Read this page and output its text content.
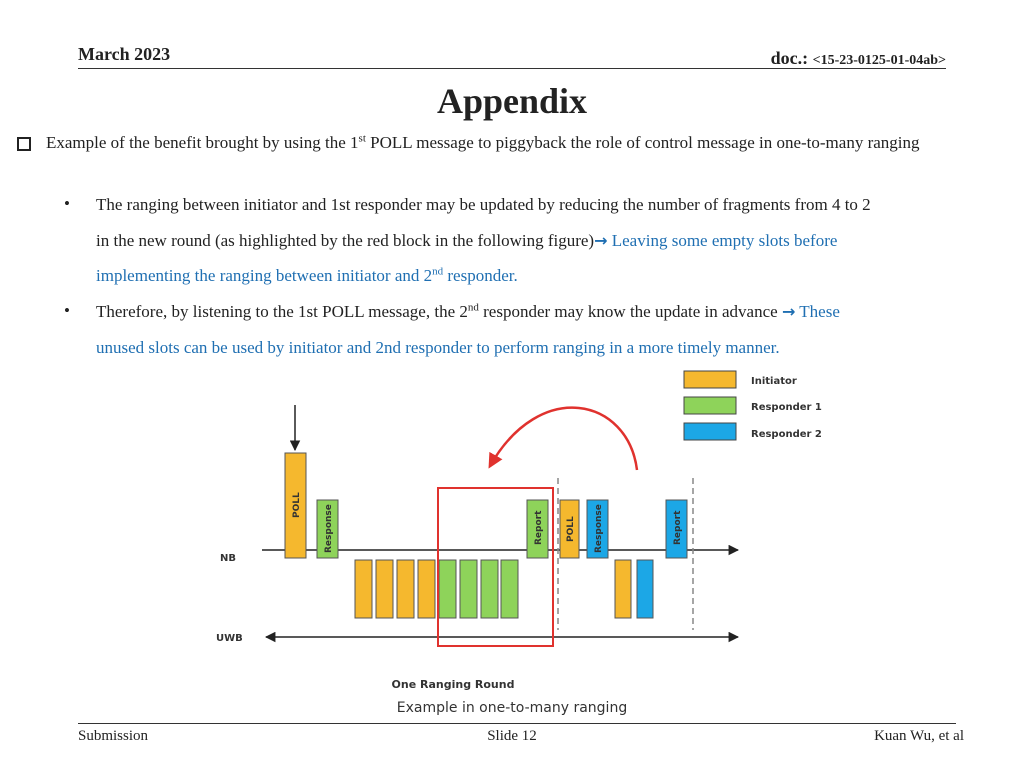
March 2023	doc.: <15-23-0125-01-04ab>
Appendix
Example of the benefit brought by using the 1st POLL message to piggyback the role of control message in one-to-many ranging
• The ranging between initiator and 1st responder may be updated by reducing the number of fragments from 4 to 2
in the new round (as highlighted by the red block in the following figure)→ Leaving some empty slots before
implementing the ranging between initiator and 2nd responder.
• Therefore, by listening to the 1st POLL message, the 2nd responder may know the update in advance → These
unused slots can be used by initiator and 2nd responder to perform ranging in a more timely manner.
Initiator
Responder 1
Responder 2
NB
UWB
POLL Response	Report POLL Response	Report
One Ranging Round
Example in one-to-many ranging
Submission	Slide 12	Kuan Wu, et al
